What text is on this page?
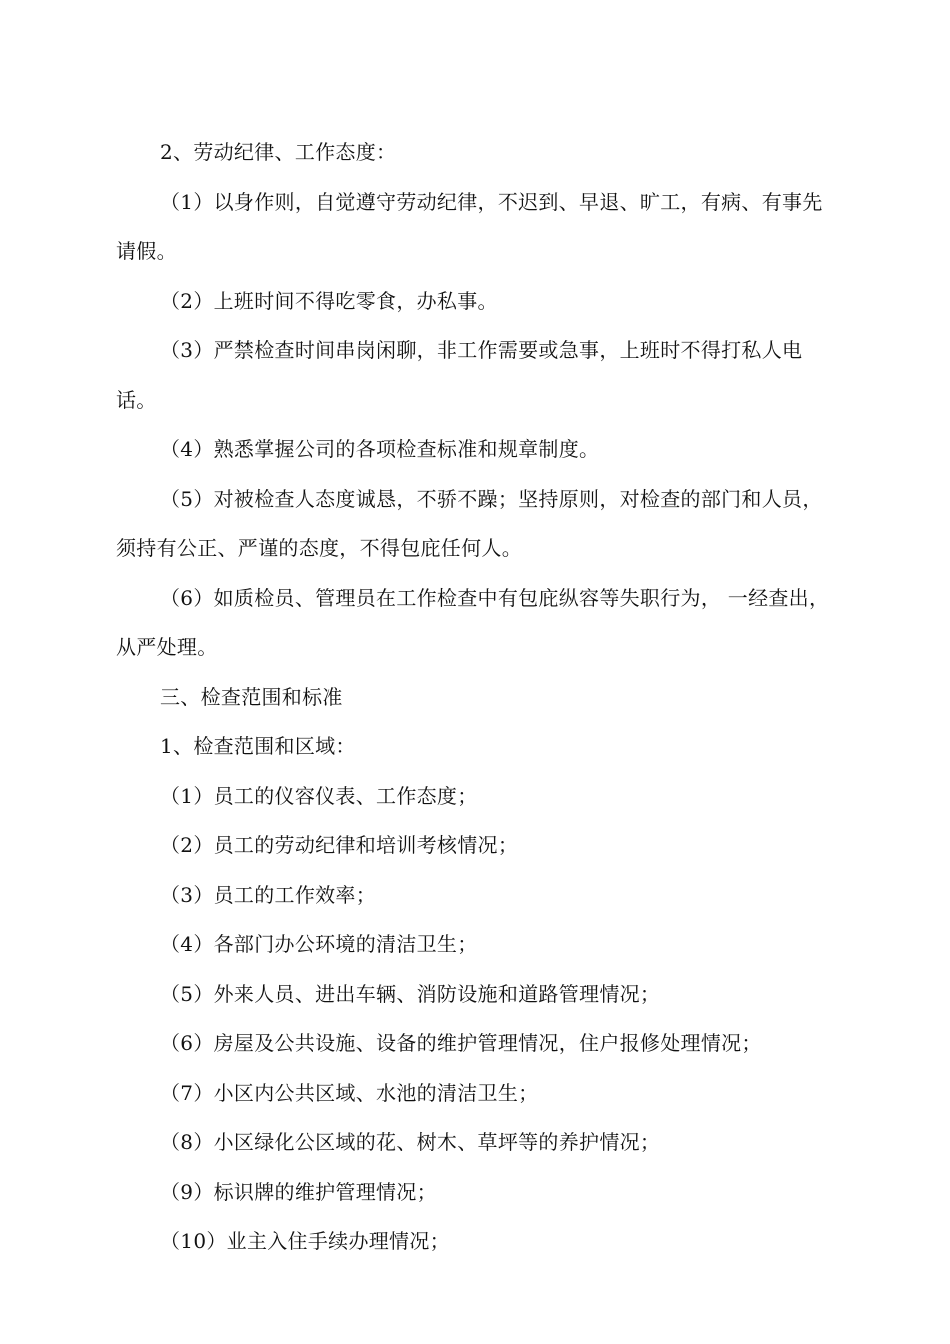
2、劳动纪律、工作态度：

（1）以身作则，自觉遵守劳动纪律，不迟到、早退、旷工，有病、有事先请假。

（2）上班时间不得吃零食，办私事。

（3）严禁检查时间串岗闲聊，非工作需要或急事，上班时不得打私人电话。

（4）熟悉掌握公司的各项检查标准和规章制度。

（5）对被检查人态度诚恳，不骄不躁；坚持原则，对检查的部门和人员，须持有公正、严谨的态度，不得包庇任何人。

（6）如质检员、管理员在工作检查中有包庇纵容等失职行为， 一经查出，从严处理。

三、检查范围和标准

1、检查范围和区域：

（1）员工的仪容仪表、工作态度；

（2）员工的劳动纪律和培训考核情况；

（3）员工的工作效率；

（4）各部门办公环境的清洁卫生；

（5）外来人员、进出车辆、消防设施和道路管理情况；

（6）房屋及公共设施、设备的维护管理情况，住户报修处理情况；

（7）小区内公共区域、水池的清洁卫生；

（8）小区绿化公区域的花、树木、草坪等的养护情况；

（9）标识牌的维护管理情况；

（10）业主入住手续办理情况；
